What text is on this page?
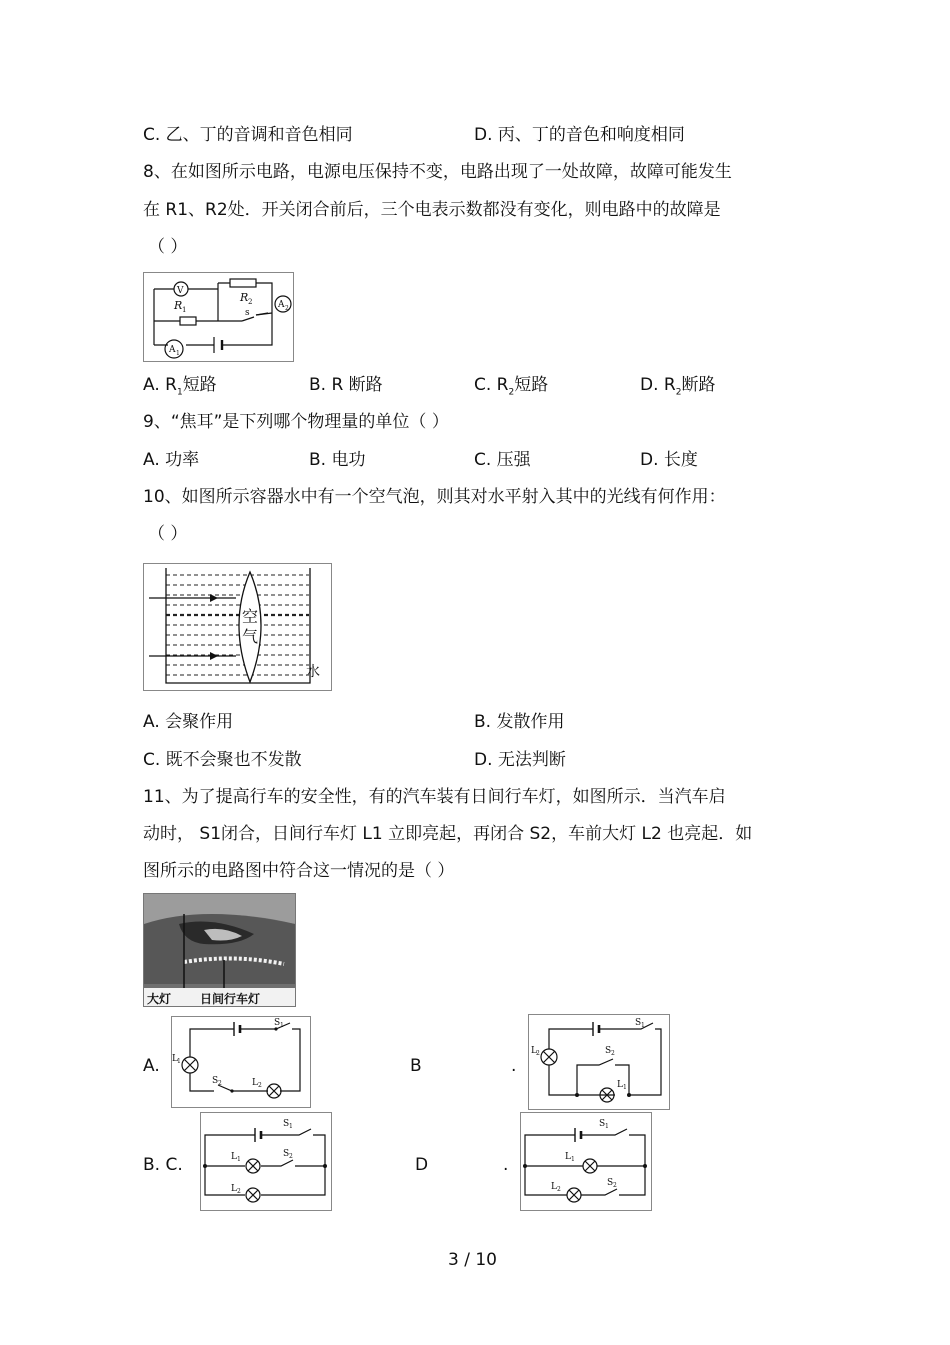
C. 乙、丁的音调和音色相同	D. 丙、丁的音色和响度相同
8、在如图所示电路，电源电压保持不变，电路出现了一处故障，故障可能发生
在 R1、R2处．开关闭合前后，三个电表示数都没有变化，则电路中的故障是
（ ）
V
A 2
A 1
R 1
R 2
s
A. $R_1$短路	B. R 断路	C. $R_2$短路	D. $R_2$断路
9、“焦耳”是下列哪个物理量的单位（ ）
A. 功率	B. 电功	C. 压强	D. 长度
10、如图所示容器水中有一个空气泡，则其对水平射入其中的光线有何作用：
（ ）
空
气
水
A. 会聚作用	B. 发散作用
C. 既不会聚也不发散	D. 无法判断
11、为了提高行车的安全性，有的汽车装有日间行车灯，如图所示．当汽车启
动时， S1闭合，日间行车灯 L1 立即亮起，再闭合 S2，车前大灯 L2 也亮起．如
图所示的电路图中符合这一情况的是（ ）
大灯 日间行车灯
A.	B	.
S 1
L 1
S 2	L 2
S 1
L 2	S 2
L 1
B. C.	D	.
S 1
L 1
S 2
L 2
S 1
L 1
L 2
S 2
3 / 10
